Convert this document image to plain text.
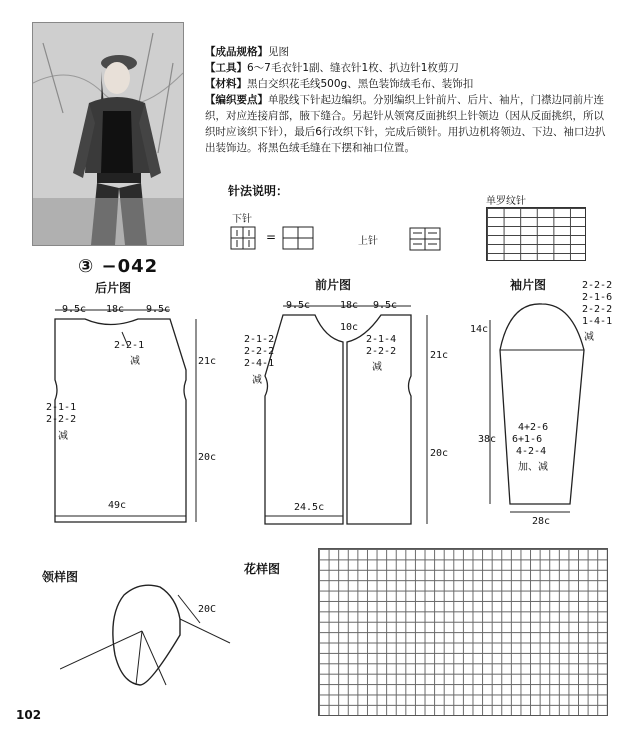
【成品规格】见图

【工具】6～7毛衣针1副、缝衣针1枚、扒边针1枚剪刀

【材料】黑白交织花毛线500g、黑色装饰绒毛布、装饰扣

【编织要点】单股线下针起边编织。分别编织上针前片、后片、袖片，门襟边同前片连织，对应连接肩部，腋下缝合。另起针从领窝反面挑织上针领边（因从反面挑织，所以织时应该织下针），最后6行改织下针，完成后锁针。用扒边机将领边、下边、袖口边扒出装饰边。将黑色绒毛缝在下摆和袖口位置。

针法说明：
下针
=	上针
单罗纹针
③ −042
后片图
9.5c 18c 9.5c
2-2-1
减
2-1-1
2-2-2
减
21c
20c
49c
前片图
9.5c	18c 9.5c
10c
2-1-2
2-2-2
2-4-1
减
2-1-4
2-2-2
减
21c
20c
24.5c
袖片图	2-2-2
2-1-6
2-2-2
1-4-1
减
14c
4+2-6
6+1-6
4-2-4
加、减
38c
28c
领样图
20C
花样图
102
